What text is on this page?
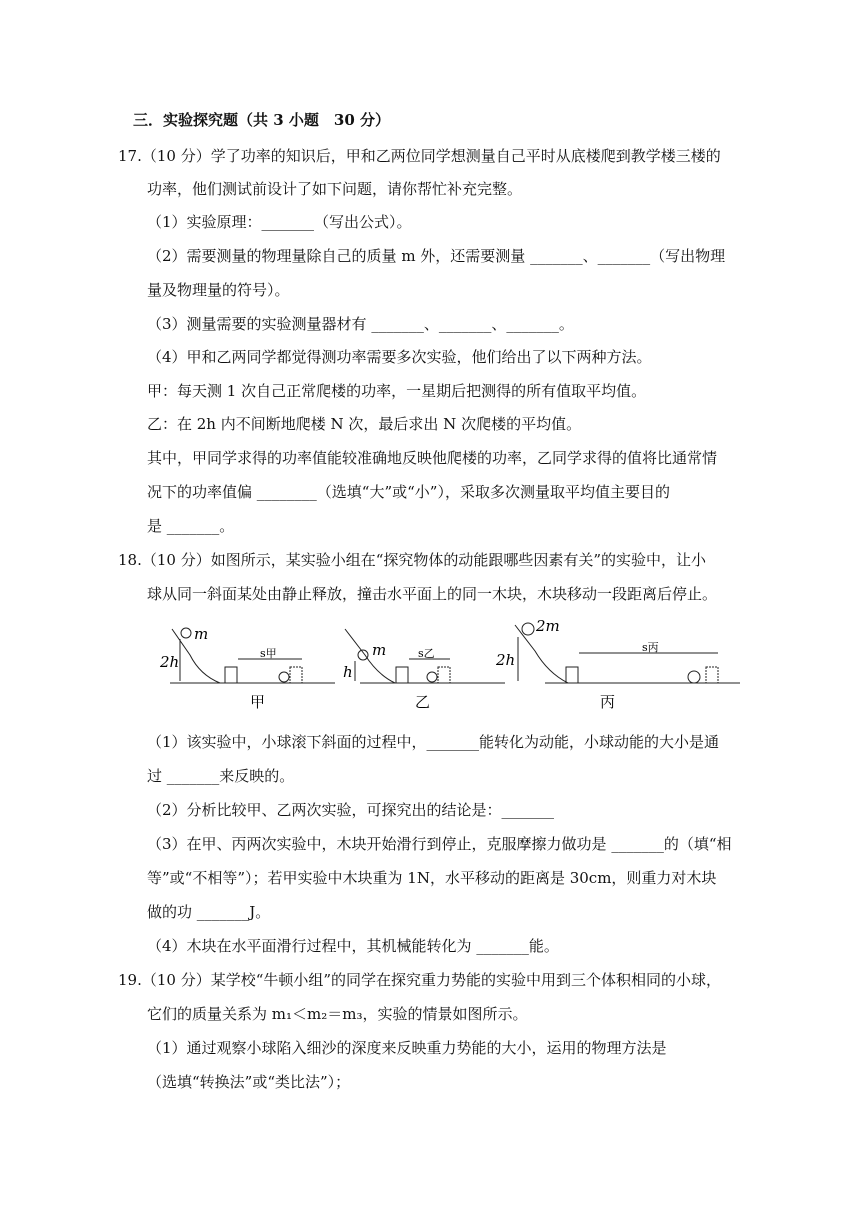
三．实验探究题（共 3 小题　30 分）
17.（10 分）学了功率的知识后，甲和乙两位同学想测量自己平时从底楼爬到教学楼三楼的
功率，他们测试前设计了如下问题，请你帮忙补充完整。
（1）实验原理：_______（写出公式）。
（2）需要测量的物理量除自己的质量 m 外，还需要测量 _______、_______（写出物理
量及物理量的符号）。
（3）测量需要的实验测量器材有 _______、_______、_______。
（4）甲和乙两同学都觉得测功率需要多次实验，他们给出了以下两种方法。
甲：每天测 1 次自己正常爬楼的功率，一星期后把测得的所有值取平均值。
乙：在 2h 内不间断地爬楼 N 次，最后求出 N 次爬楼的平均值。
其中，甲同学求得的功率值能较准确地反映他爬楼的功率，乙同学求得的值将比通常情
况下的功率值偏 ________（选填“大”或“小”），采取多次测量取平均值主要目的
是 _______。
18.（10 分）如图所示，某实验小组在“探究物体的动能跟哪些因素有关”的实验中，让小
球从同一斜面某处由静止释放，撞击水平面上的同一木块，木块移动一段距离后停止。
m
2h	s甲
甲
m
h
s乙
乙
2m
2h
s丙
丙
（1）该实验中，小球滚下斜面的过程中，_______能转化为动能，小球动能的大小是通
过 _______来反映的。
（2）分析比较甲、乙两次实验，可探究出的结论是：_______
（3）在甲、丙两次实验中，木块开始滑行到停止，克服摩擦力做功是 _______的（填“相
等”或“不相等”）；若甲实验中木块重为 1N，水平移动的距离是 30cm，则重力对木块
做的功 _______J。
（4）木块在水平面滑行过程中，其机械能转化为 _______能。
19.（10 分）某学校“牛顿小组”的同学在探究重力势能的实验中用到三个体积相同的小球，
它们的质量关系为 m₁＜m₂＝m₃，实验的情景如图所示。
（1）通过观察小球陷入细沙的深度来反映重力势能的大小，运用的物理方法是
（选填“转换法”或“类比法”）；
